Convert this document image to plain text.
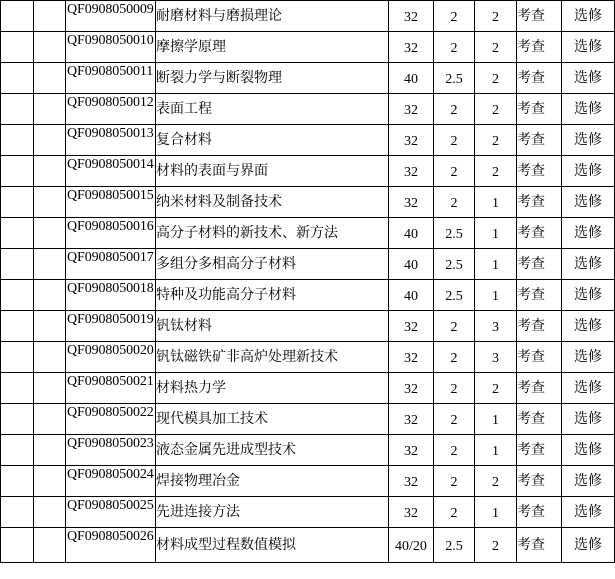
		QF0908050009	耐磨材料与磨损理论	32	2	2	考查	选修
		QF0908050010	摩擦学原理	32	2	2	考查	选修
		QF0908050011	断裂力学与断裂物理	40	2.5	2	考查	选修
		QF0908050012	表面工程	32	2	2	考查	选修
		QF0908050013	复合材料	32	2	2	考查	选修
		QF0908050014	材料的表面与界面	32	2	2	考查	选修
		QF0908050015	纳米材料及制备技术	32	2	1	考查	选修
		QF0908050016	高分子材料的新技术、新方法	40	2.5	1	考查	选修
		QF0908050017	多组分多相高分子材料	40	2.5	1	考查	选修
		QF0908050018	特种及功能高分子材料	40	2.5	1	考查	选修
		QF0908050019	钒钛材料	32	2	3	考查	选修
		QF0908050020	钒钛磁铁矿非高炉处理新技术	32	2	3	考查	选修
		QF0908050021	材料热力学	32	2	2	考查	选修
		QF0908050022	现代模具加工技术	32	2	1	考查	选修
		QF0908050023	液态金属先进成型技术	32	2	1	考查	选修
		QF0908050024	焊接物理冶金	32	2	2	考查	选修
		QF0908050025	先进连接方法	32	2	1	考查	选修
		QF0908050026	材料成型过程数值模拟	40/20	2.5	2	考查	选修
